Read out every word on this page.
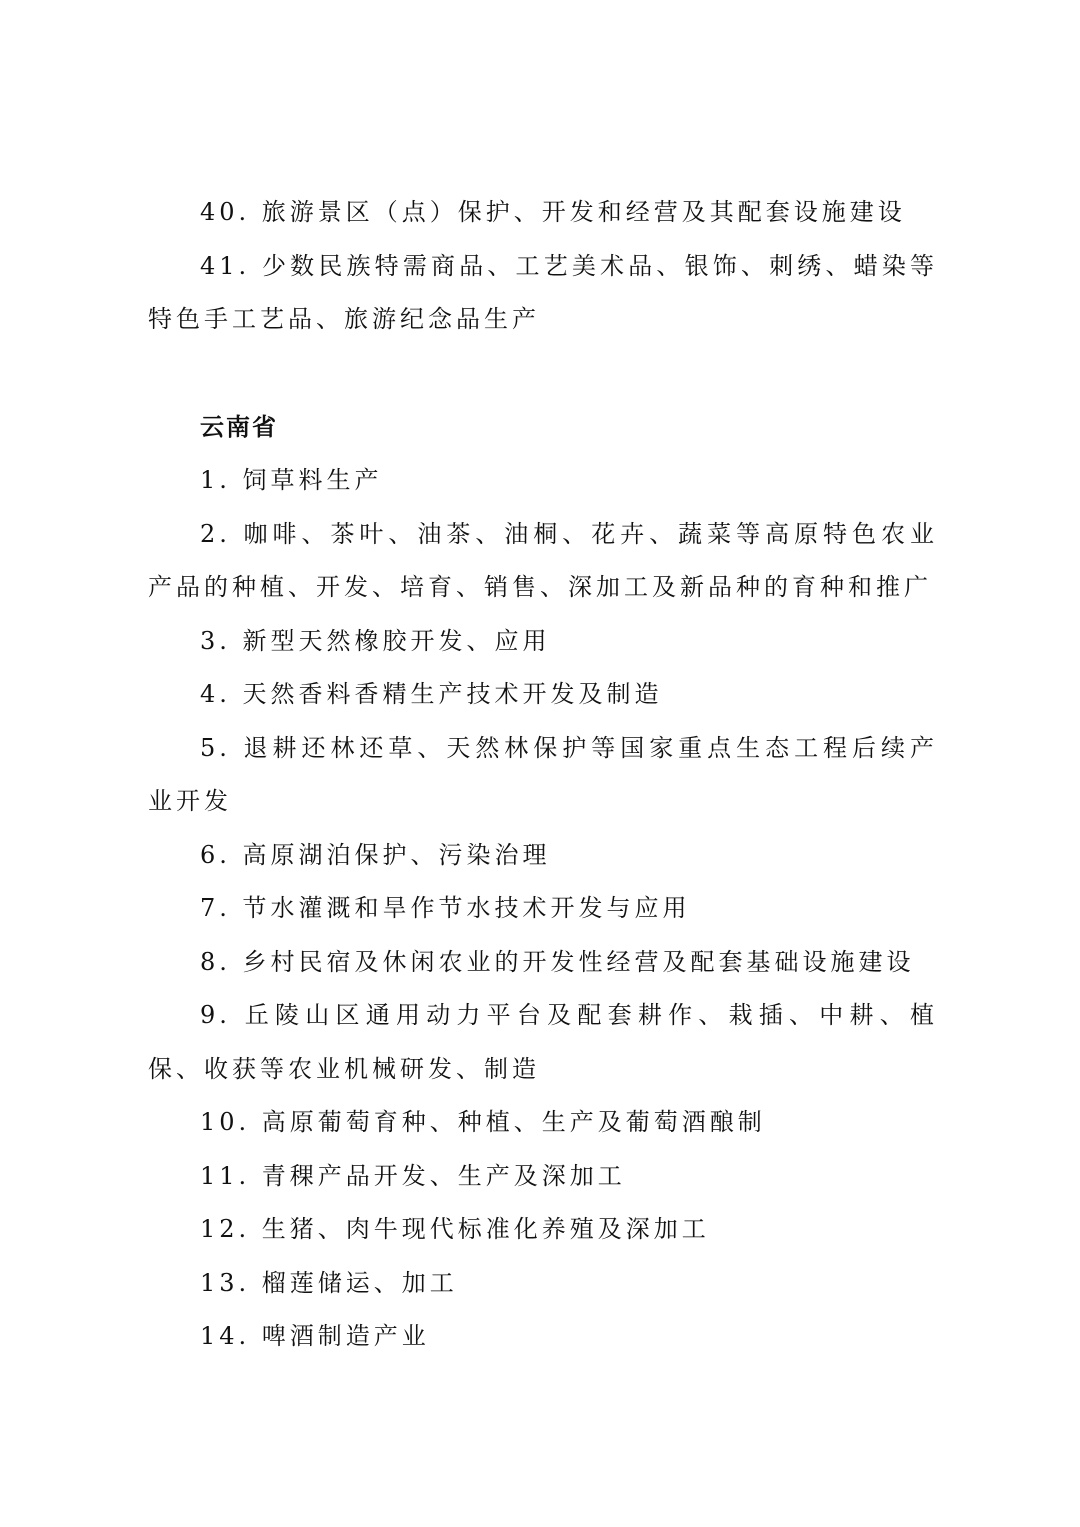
40. 旅游景区（点）保护、开发和经营及其配套设施建设

41. 少数民族特需商品、工艺美术品、银饰、刺绣、蜡染等特色手工艺品、旅游纪念品生产

云南省

1. 饲草料生产

2. 咖啡、茶叶、油茶、油桐、花卉、蔬菜等高原特色农业产品的种植、开发、培育、销售、深加工及新品种的育种和推广

3. 新型天然橡胶开发、应用

4. 天然香料香精生产技术开发及制造

5. 退耕还林还草、天然林保护等国家重点生态工程后续产业开发

6. 高原湖泊保护、污染治理

7. 节水灌溉和旱作节水技术开发与应用

8. 乡村民宿及休闲农业的开发性经营及配套基础设施建设

9. 丘陵山区通用动力平台及配套耕作、栽插、中耕、植保、收获等农业机械研发、制造

10. 高原葡萄育种、种植、生产及葡萄酒酿制

11. 青稞产品开发、生产及深加工

12. 生猪、肉牛现代标准化养殖及深加工

13. 榴莲储运、加工

14. 啤酒制造产业
